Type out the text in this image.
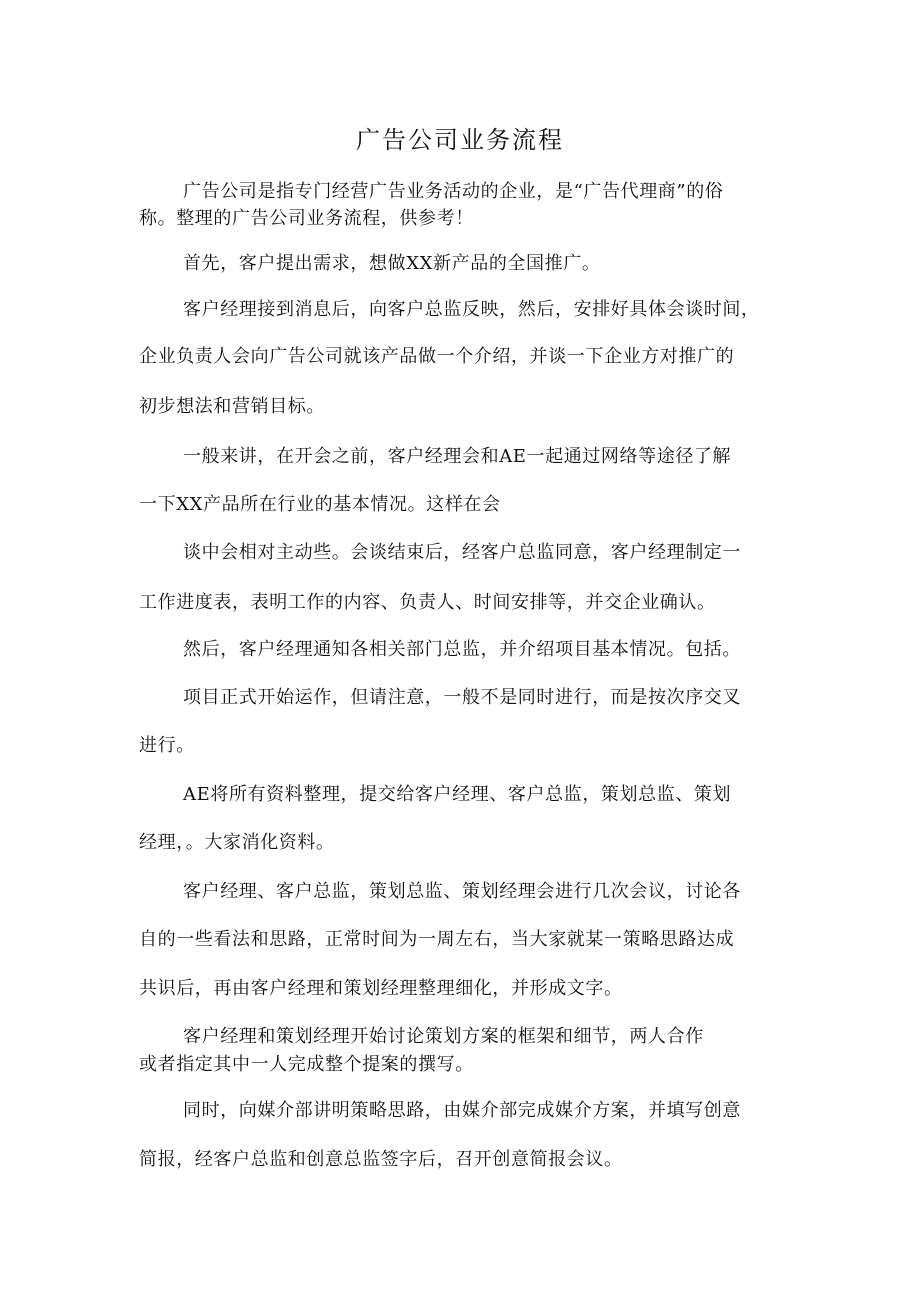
广告公司业务流程
广告公司是指专门经营广告业务活动的企业，是“广告代理商”的俗
称。整理的广告公司业务流程，供参考！
首先，客户提出需求，想做XX新产品的全国推广。
客户经理接到消息后，向客户总监反映，然后，安排好具体会谈时间，
企业负责人会向广告公司就该产品做一个介绍，并谈一下企业方对推广的
初步想法和营销目标。
一般来讲，在开会之前，客户经理会和AE一起通过网络等途径了解
一下XX产品所在行业的基本情况。这样在会
谈中会相对主动些。会谈结束后，经客户总监同意，客户经理制定一
工作进度表，表明工作的内容、负责人、时间安排等，并交企业确认。
然后，客户经理通知各相关部门总监，并介绍项目基本情况。包括。
项目正式开始运作，但请注意，一般不是同时进行，而是按次序交叉
进行。
AE将所有资料整理，提交给客户经理、客户总监，策划总监、策划
经理，。大家消化资料。
客户经理、客户总监，策划总监、策划经理会进行几次会议，讨论各
自的一些看法和思路，正常时间为一周左右，当大家就某一策略思路达成
共识后，再由客户经理和策划经理整理细化，并形成文字。
客户经理和策划经理开始讨论策划方案的框架和细节，两人合作
或者指定其中一人完成整个提案的撰写。
同时，向媒介部讲明策略思路，由媒介部完成媒介方案，并填写创意
简报，经客户总监和创意总监签字后，召开创意简报会议。
